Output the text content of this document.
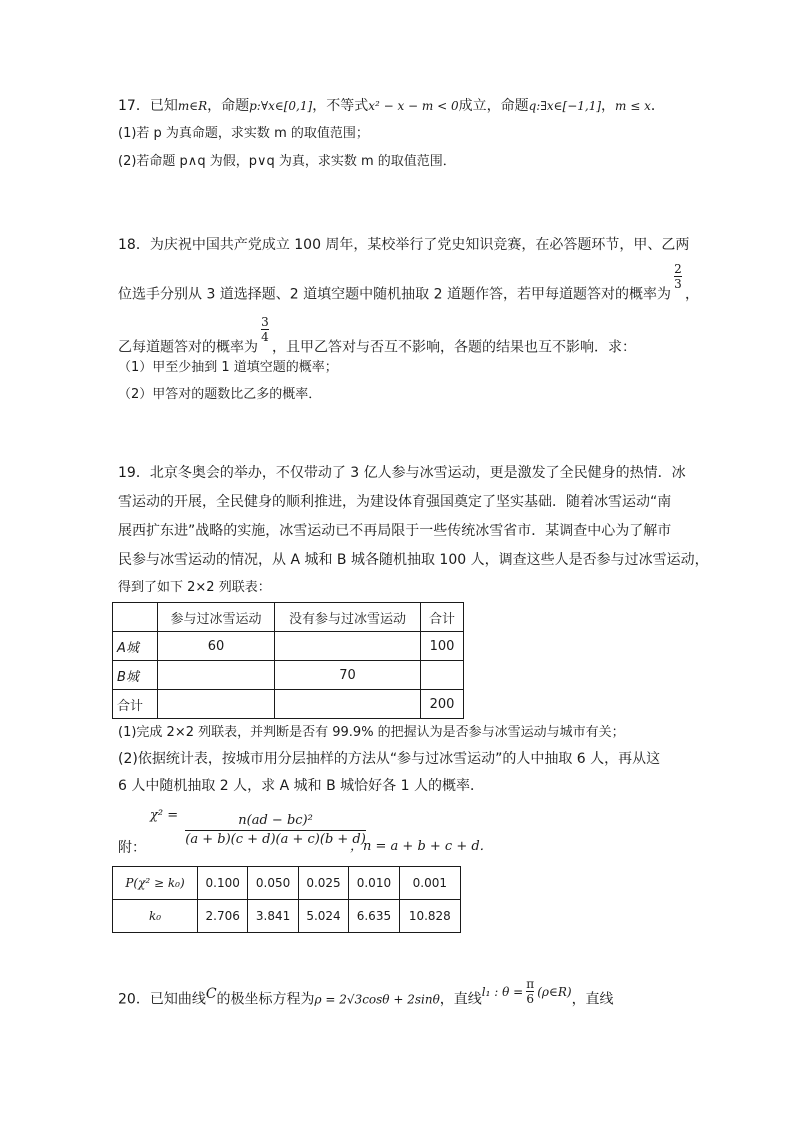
17．已知m∈R，命题p:∀x∈[0,1]，不等式x² − x − m < 0成立，命题q:∃x∈[−1,1]，m ≤ x．
(1)若 p 为真命题，求实数 m 的取值范围；
(2)若命题 p∧q 为假，p∨q 为真，求实数 m 的取值范围．
18．为庆祝中国共产党成立 100 周年，某校举行了党史知识竞赛，在必答题环节，甲、乙两
位选手分别从 3 道选择题、2 道填空题中随机抽取 2 道题作答，若甲每道题答对的概率为
$\frac{2}{3}$
，
乙每道题答对的概率为
$\frac{3}{4}$
，且甲乙答对与否互不影响，各题的结果也互不影响．求：
（1）甲至少抽到 1 道填空题的概率；
（2）甲答对的题数比乙多的概率．
19．北京冬奥会的举办，不仅带动了 3 亿人参与冰雪运动，更是激发了全民健身的热情．冰
雪运动的开展，全民健身的顺利推进，为建设体育强国奠定了坚实基础．随着冰雪运动“南
展西扩东进”战略的实施，冰雪运动已不再局限于一些传统冰雪省市．某调查中心为了解市
民参与冰雪运动的情况，从 A 城和 B 城各随机抽取 100 人，调查这些人是否参与过冰雪运动，
得到了如下 2×2 列联表：
	参与过冰雪运动	没有参与过冰雪运动	合计
A城	60		100
B城		70	
合计			200
(1)完成 2×2 列联表，并判断是否有 99.9% 的把握认为是否参与冰雪运动与城市有关；
(2)依据统计表，按城市用分层抽样的方法从“参与过冰雪运动”的人中抽取 6 人，再从这
6 人中随机抽取 2 人，求 A 城和 B 城恰好各 1 人的概率．
附：
$\chi^2 = \frac{\text{n(ad − bc)²}}{(a + b)(c + d)(a + c)(b + d)}$
，n = a + b + c + d．
P(χ² ≥ k₀)	0.100	0.050	0.025	0.010	0.001
k₀	2.706	3.841	5.024	6.635	10.828
20．已知曲线C的极坐标方程为ρ = 2√3cosθ + 2sinθ，直线l₁ : $\theta = \frac{\pi}{6}$ (ρ∈R)，直线
